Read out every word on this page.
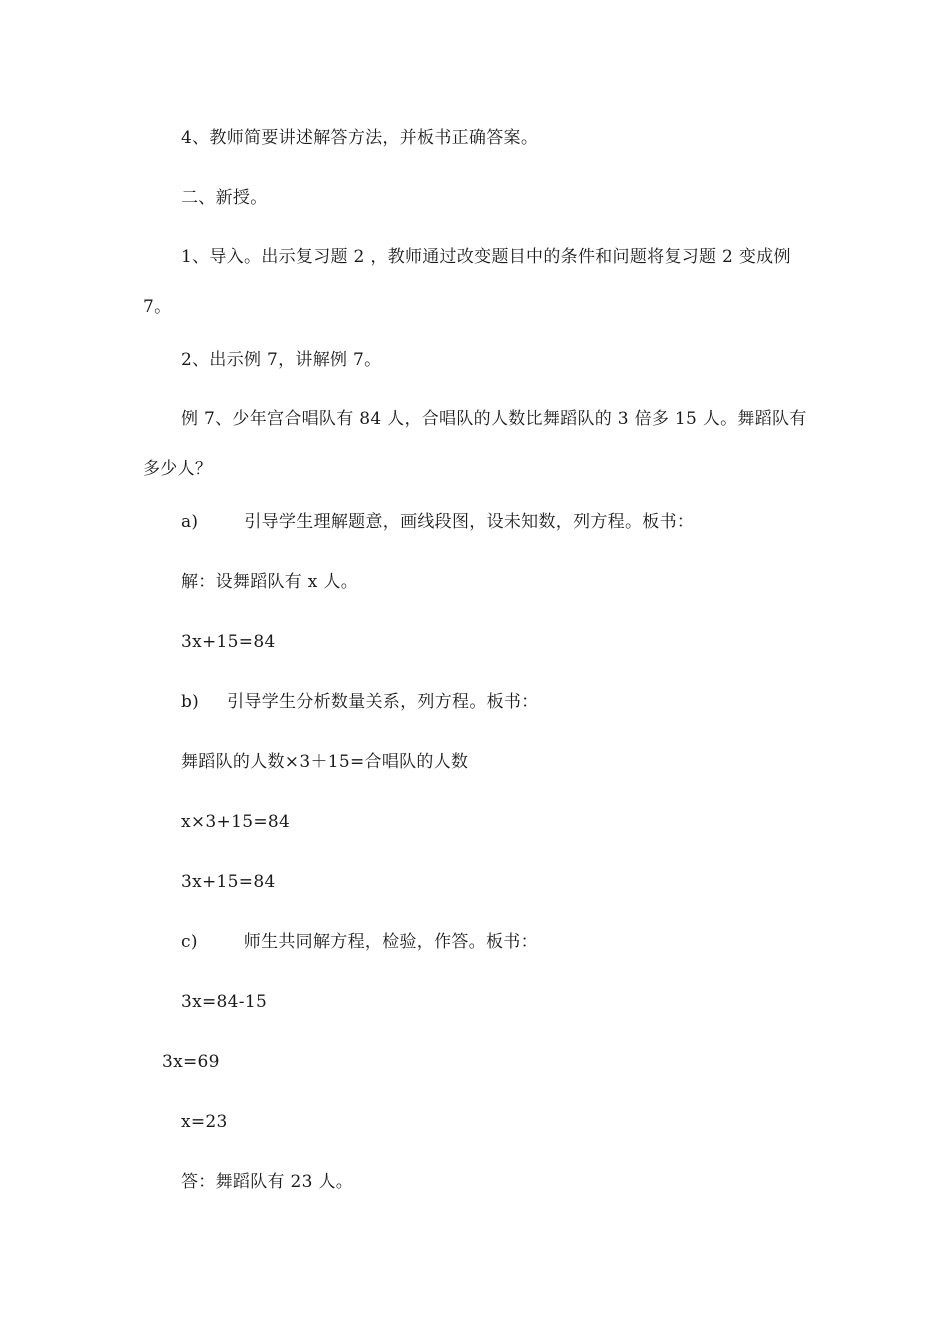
4、教师简要讲述解答方法，并板书正确答案。
二、新授。
1、导入。出示复习题 2 ，教师通过改变题目中的条件和问题将复习题 2 变成例 7。
2、出示例 7，讲解例 7。
例 7、少年宫合唱队有 84 人，合唱队的人数比舞蹈队的 3 倍多 15 人。舞蹈队有多少人？
a)	引导学生理解题意，画线段图，设未知数，列方程。板书：
解：设舞蹈队有 x 人。
3x+15=84
b) 引导学生分析数量关系，列方程。板书：
舞蹈队的人数×3＋15=合唱队的人数
x×3+15=84
3x+15=84
c)	师生共同解方程，检验，作答。板书：
3x=84-15
3x=69
x=23
答：舞蹈队有 23 人。
